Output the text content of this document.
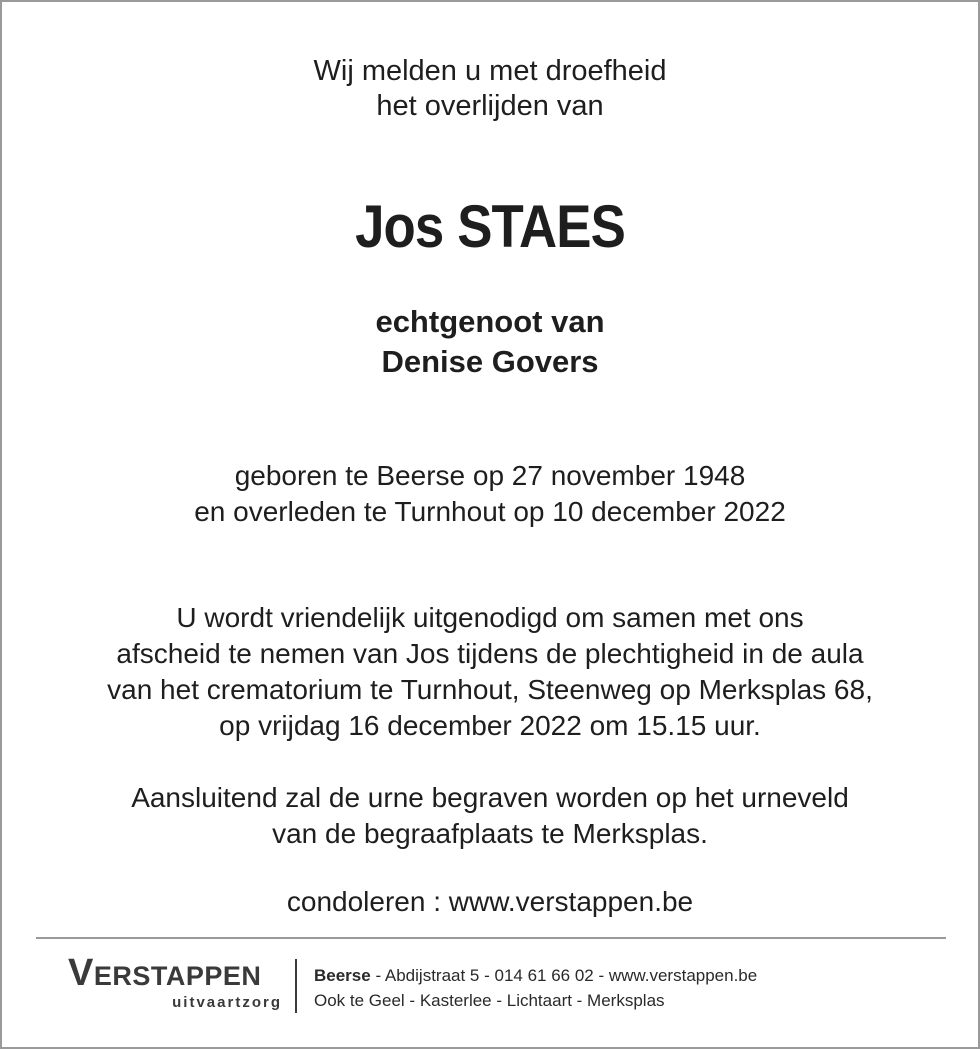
Wij melden u met droefheid
het overlijden van
Jos STAES
echtgenoot van
Denise Govers
geboren te Beerse op 27 november 1948
en overleden te Turnhout op 10 december 2022
U wordt vriendelijk uitgenodigd om samen met ons
afscheid te nemen van Jos tijdens de plechtigheid in de aula
van het crematorium te Turnhout, Steenweg op Merksplas 68,
op vrijdag 16 december 2022 om 15.15 uur.
Aansluitend zal de urne begraven worden op het urneveld
van de begraafplaats te Merksplas.
condoleren : www.verstappen.be
VERSTAPPEN
uitvaartzorg
Beerse - Abdijstraat 5 - 014 61 66 02 - www.verstappen.be
Ook te Geel - Kasterlee - Lichtaart - Merksplas
